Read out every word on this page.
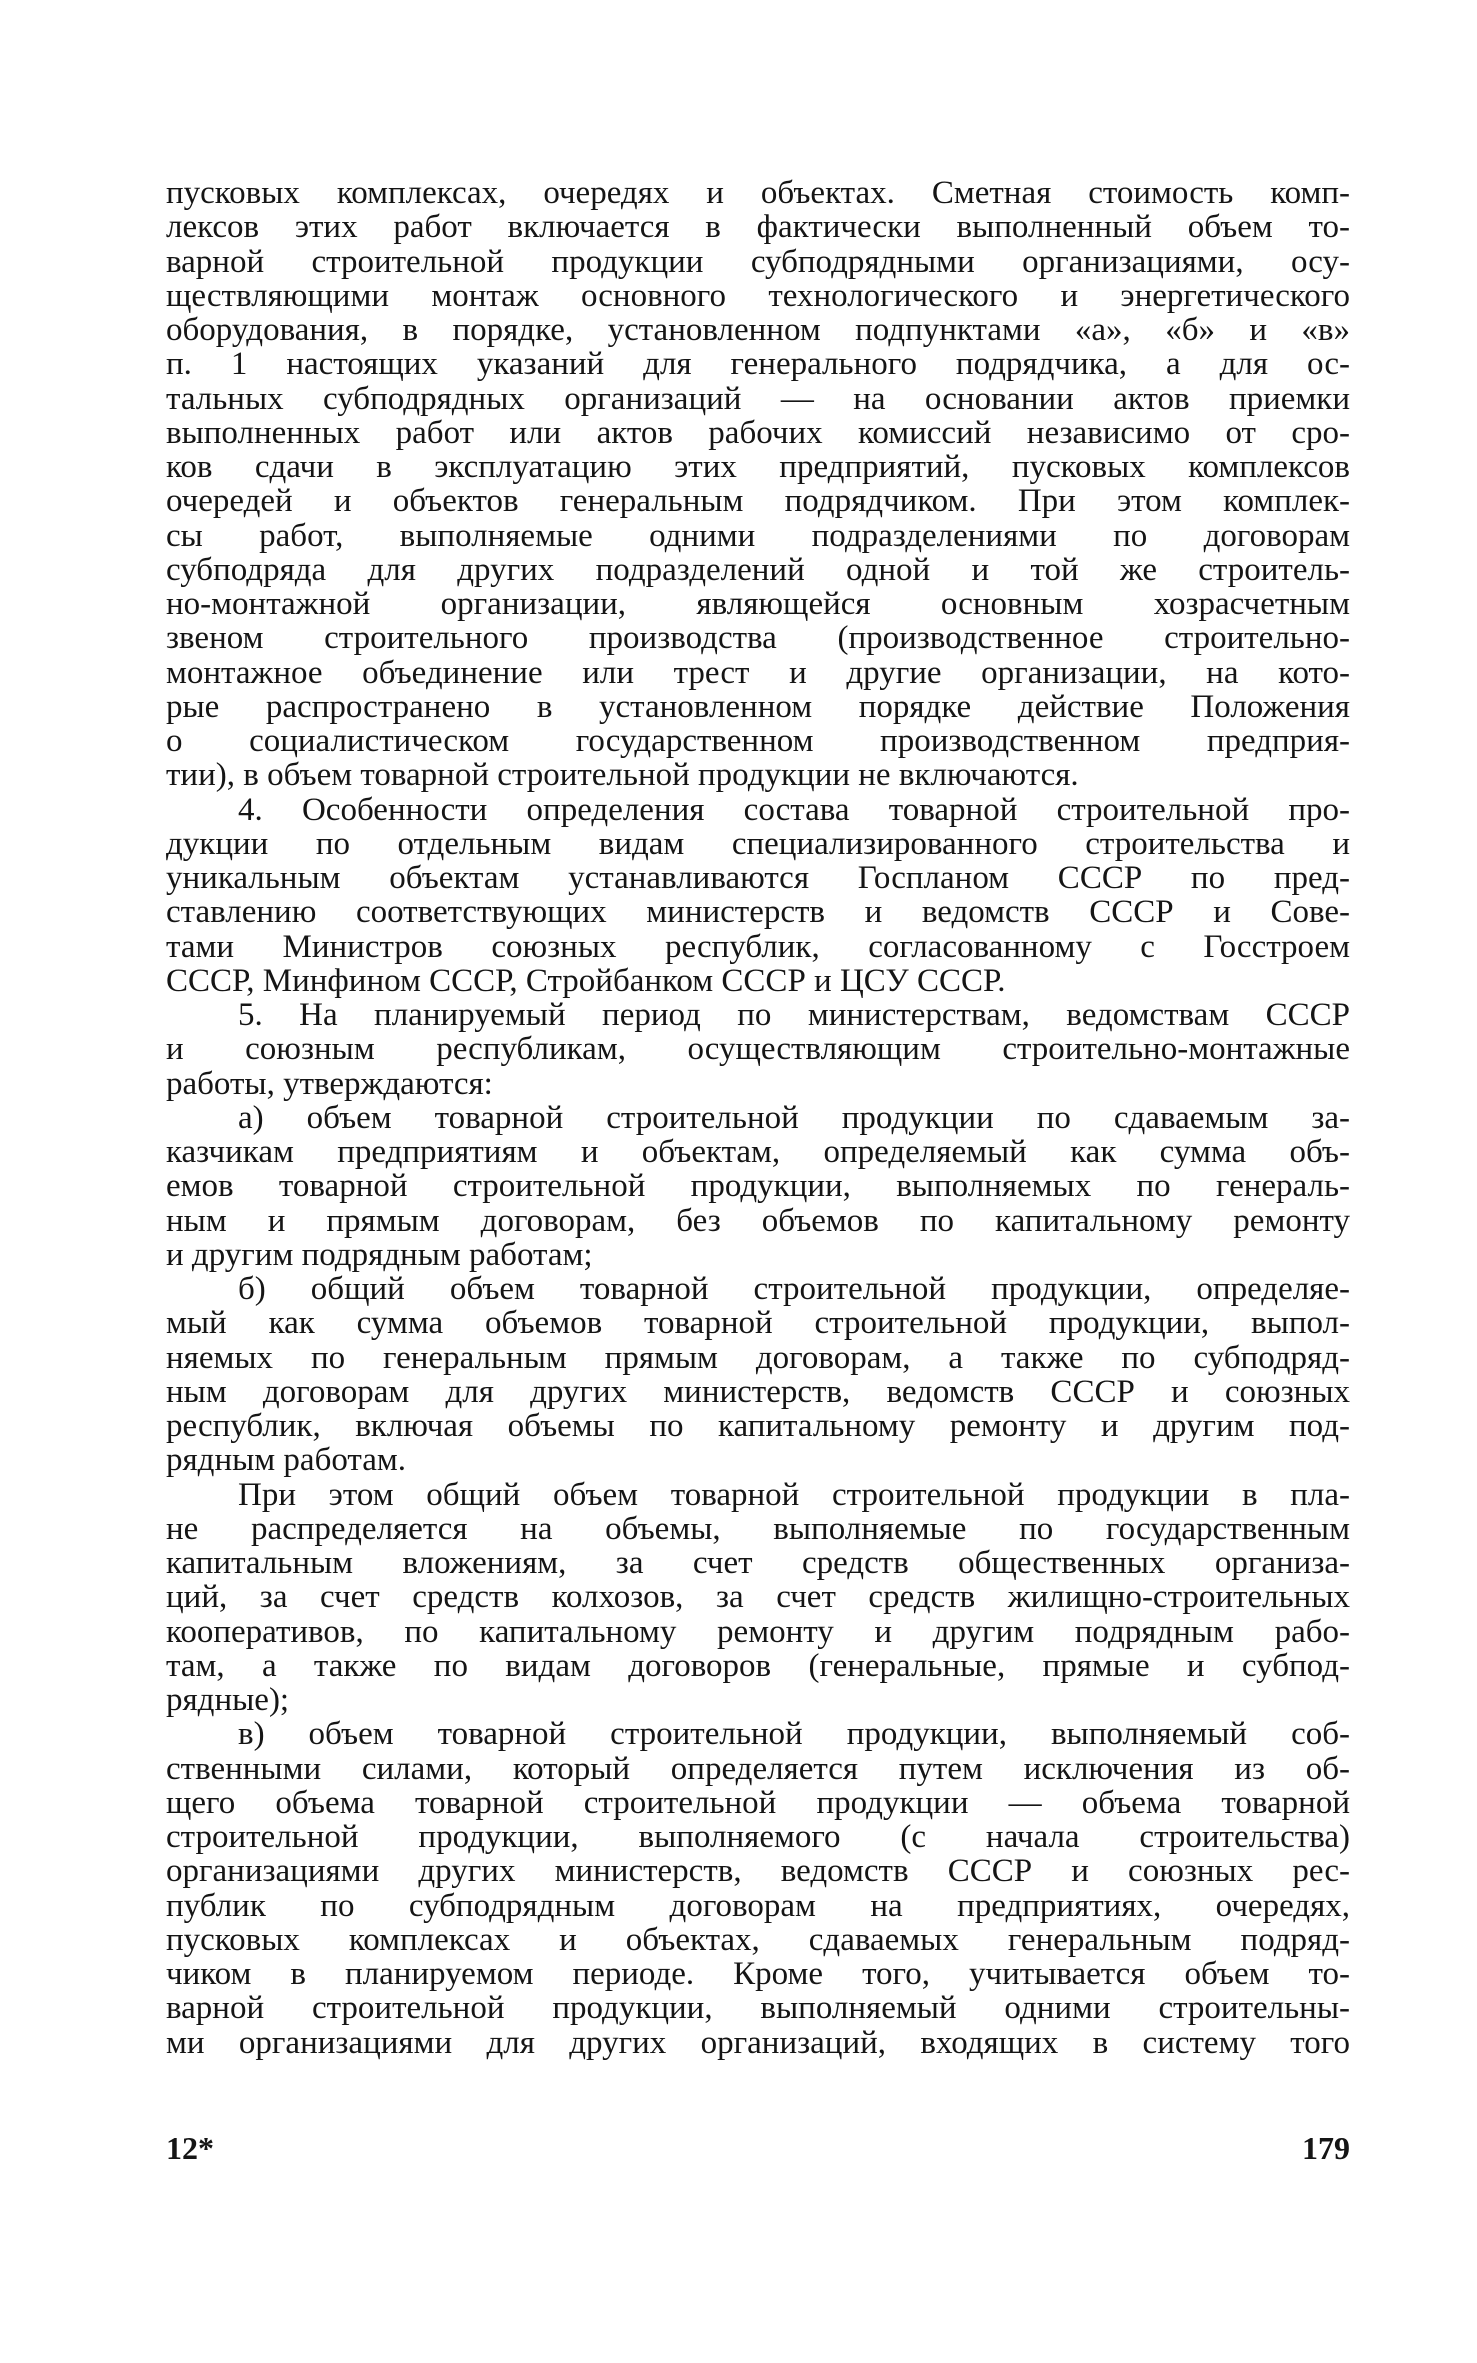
пусковых комплексах, очередях и объектах. Сметная стоимость комп-
лексов этих работ включается в фактически выполненный объем то-
варной строительной продукции субподрядными организациями, осу-
ществляющими монтаж основного технологического и энергетического
оборудования, в порядке, установленном подпунктами «а», «б» и «в»
п. 1 настоящих указаний для генерального подрядчика, а для ос-
тальных субподрядных организаций — на основании актов приемки
выполненных работ или актов рабочих комиссий независимо от сро-
ков сдачи в эксплуатацию этих предприятий, пусковых комплексов
очередей и объектов генеральным подрядчиком. При этом комплек-
сы работ, выполняемые одними подразделениями по договорам
субподряда для других подразделений одной и той же строитель-
но-монтажной организации, являющейся основным хозрасчетным
звеном строительного производства (производственное строительно-
монтажное объединение или трест и другие организации, на кото-
рые распространено в установленном порядке действие Положения
о социалистическом государственном производственном предприя-
тии), в объем товарной строительной продукции не включаются.
4. Особенности определения состава товарной строительной про-
дукции по отдельным видам специализированного строительства и
уникальным объектам устанавливаются Госпланом СССР по пред-
ставлению соответствующих министерств и ведомств СССР и Сове-
тами Министров союзных республик, согласованному с Госстроем
СССР, Минфином СССР, Стройбанком СССР и ЦСУ СССР.
5. На планируемый период по министерствам, ведомствам СССР
и союзным республикам, осуществляющим строительно-монтажные
работы, утверждаются:
а) объем товарной строительной продукции по сдаваемым за-
казчикам предприятиям и объектам, определяемый как сумма объ-
емов товарной строительной продукции, выполняемых по генераль-
ным и прямым договорам, без объемов по капитальному ремонту
и другим подрядным работам;
б) общий объем товарной строительной продукции, определяе-
мый как сумма объемов товарной строительной продукции, выпол-
няемых по генеральным прямым договорам, а также по субподряд-
ным договорам для других министерств, ведомств СССР и союзных
республик, включая объемы по капитальному ремонту и другим под-
рядным работам.
При этом общий объем товарной строительной продукции в пла-
не распределяется на объемы, выполняемые по государственным
капитальным вложениям, за счет средств общественных организа-
ций, за счет средств колхозов, за счет средств жилищно-строительных
кооперативов, по капитальному ремонту и другим подрядным рабо-
там, а также по видам договоров (генеральные, прямые и субпод-
рядные);
в) объем товарной строительной продукции, выполняемый соб-
ственными силами, который определяется путем исключения из об-
щего объема товарной строительной продукции — объема товарной
строительной продукции, выполняемого (с начала строительства)
организациями других министерств, ведомств СССР и союзных рес-
публик по субподрядным договорам на предприятиях, очередях,
пусковых комплексах и объектах, сдаваемых генеральным подряд-
чиком в планируемом периоде. Кроме того, учитывается объем то-
варной строительной продукции, выполняемый одними строительны-
ми организациями для других организаций, входящих в систему того
12*	179
